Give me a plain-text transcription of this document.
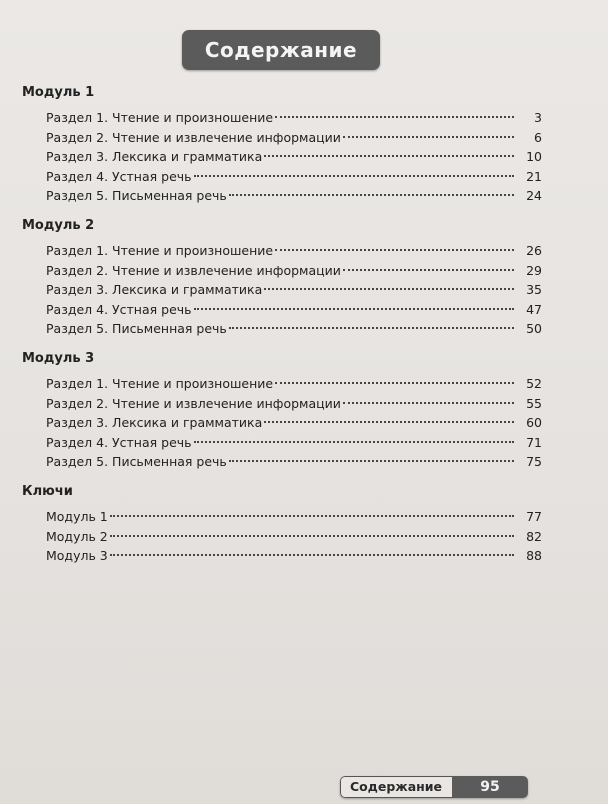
Содержание
Модуль 1
Раздел 1. Чтение и произношение	3
Раздел 2. Чтение и извлечение информации	6
Раздел 3. Лексика и грамматика	10
Раздел 4. Устная речь	21
Раздел 5. Письменная речь	24
Модуль 2
Раздел 1. Чтение и произношение	26
Раздел 2. Чтение и извлечение информации	29
Раздел 3. Лексика и грамматика	35
Раздел 4. Устная речь	47
Раздел 5. Письменная речь	50
Модуль 3
Раздел 1. Чтение и произношение	52
Раздел 2. Чтение и извлечение информации	55
Раздел 3. Лексика и грамматика	60
Раздел 4. Устная речь	71
Раздел 5. Письменная речь	75
Ключи
Модуль 1	77
Модуль 2	82
Модуль 3	88
Содержание	95
